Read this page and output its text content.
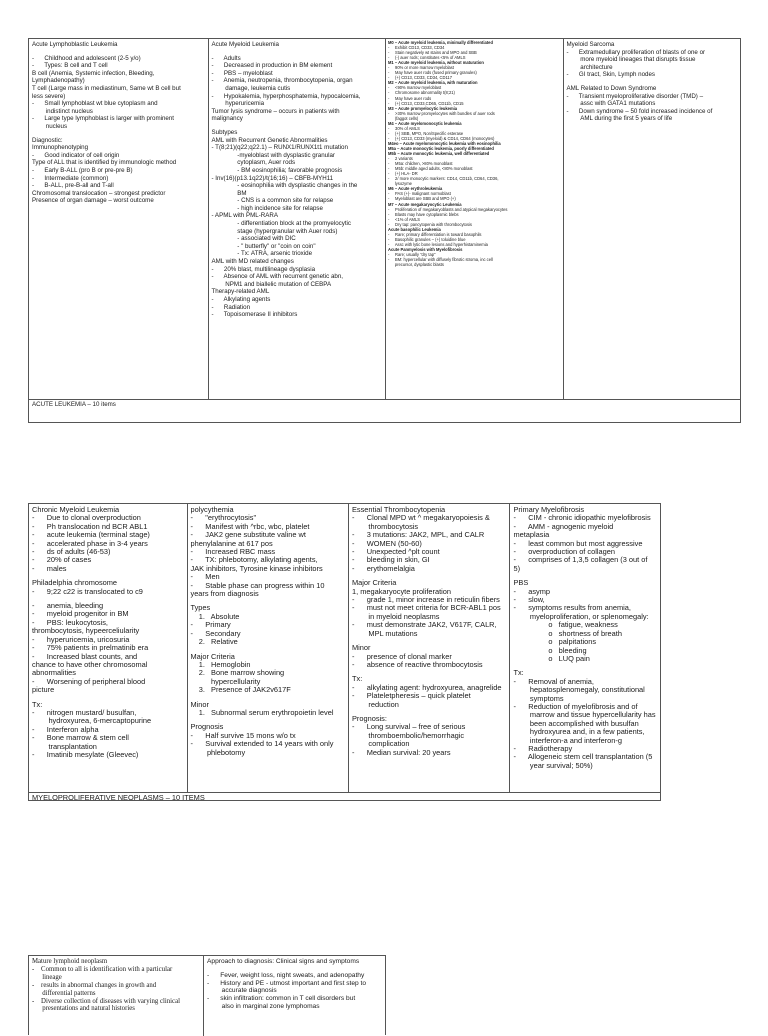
Acute Lymphoblastic Leukemia
-      Childhood and adolescent (2-5 y/o)
-      Types: B cell and T cell
B cell (Anemia, Systemic infection, Bleeding,
Lymphadenopathy)
T cell (Large mass in mediastinum, Same wt B cell but
less severe)
-      Small lymphoblast wt blue cytoplasm and
indistinct nucleus
-      Large type lymphoblast is larger with prominent
nucleus
Diagnostic:
Immunophenotyping
-      Good indicator of cell origin
Type of ALL that is identified by immunologic method
-      Early B-ALL (pro B or pre-pre B)
-      Intermediate (common)
-      B-ALL, pre-B-all and T-all
Chromosomal translocation – strongest predictor
Presence of organ damage – worst outcome
Acute Myeloid Leukemia
-      Adults
-      Decreased in production in BM element
-      PBS – myeloblast
-      Anemia, neutropenia, thrombocytopenia, organ
damage, leukemia cutis
-      Hypokalemia, hyperphosphatemia, hypocalcemia,
hyperuricemia
Tumor lysis syndrome – occurs in patients with
malignancy
Subtypes
AML with Recurrent Genetic Abnormalities
- T(8;21)(q22;q22.1) – RUNX1/RUNX1t1 mutation
-myeloblast with dysplastic granular
cytoplasm, Auer rods
- BM eosinophilia; favorable prognosis
- Inv(16)(p13.1q22)/t(16;16) – CBFB-MYH11
- eosinophilia with dysplastic changes in the
BM
- CNS is a common site for relapse
- high incidence site for relapse
- APML with PML-RARA
- differentiation block at the promyelocytic
stage (hypergranular with Auer rods)
- associated with DIC
- " butterfly" or "coin on coin"
- Tx: ATRA, arsenic trioxide
AML with MD related changes
-      20% blast, multilineage dysplasia
-      Absence of AML with recurrent genetic abn,
NPM1 and biallelic mutation of CEBPA
Therapy-related AML
-      Alkylating agents
-      Radiation
-      Topoisomerase II inhibitors
M0 – Acute myeloid leukemia, minimally differentiated
-     Exhibit CD13, CD33, CD34
-     Stain negatively wt stains and MPO and SBB
-     (-) auer rods; constitutes <5% of AMLS
M1 – Acute myeloid leukemia, without maturation
-     90% or more marrow myeloblast
-     May have auer rods (fused primary granules)
-     (+) CD13, CD33, CD34, CD117
M2 – Acute myeloid leukemia, with maturation
-     <90% marrow myeloblast
-     Chromosome abnormality t(8;21)
-     May have auer rods
-     (+) CD13, CD33,CD65, CD11b, CD15
M3 – Acute promyelocytic leukemia
-     >30% marrow promyelocytes with bundles of auer rods
(faggot cells)
M4 – Acute myelomonocytic leukemia
-     30% of AMLS
-     (+) SBB, MPO, Non/Specific esterase
-     (+) CD13, CD33 (myeloid) & CD14, CD64 (monocytes)
M4eo – Acute myelomonocytic leukemia with eosinophilia
M5a – Acute monocytic leukemia, poorly differentiated
M5b – Acute monocytic leukemia, well differentiated
-     2 variants
-     M5a: children, >80% monoblast
-     M5b: middle aged adults, <80% monoblast
-     (+) HLA- DR
-     2/ more monocytic markers: CD14, CD11b, CD64, CD36,
lysozyme
M6 – Acute erythroleukemia
-     PAS (+)- malignant normoblast
-     Myeloblast are SBB and MPO (+)
M7 – Acute megakaryocytic Leukemia
-     Proliferation of megakaryoblasts and atypical megakaryocytes
-     Blasts may have cytoplasmic blebs
-     <1% of AMLS
-     Dry tap: pancytopenia with thrombocytosis
Acute basophilic Leukemia
-     Rare; primary differentiation is toward basophils
-     Basophilic granules – (+) toluidine blue
-     Assc with lytic bone lesions and hyperhistaminemia
Acute Panmyelosis with Myelofibrosis
-     Rare; usually "dry tap"
-     BM: hypercellular with diffusely fibrotic stroma, inc cell
precursor, dysplastic blasts
Myeloid Sarcoma
-      Extramedullary proliferation of blasts of one or
more myeloid lineages that disrupts tissue
architecture
-      GI tract, Skin, Lymph nodes
AML Related to Down Syndrome
-      Transient myeloproliferative disorder (TMD) –
assc with GATA1 mutations
-      Down syndrome – 50 fold increased incidence of
AML during the first 5 years of life
ACUTE LEUKEMIA – 10 items
Chronic Myeloid Leukemia
-      Due to clonal overproduction
-      Ph translocation nd BCR ABL1
-      acute leukemia (terminal stage)
-      accelerated phase in 3-4 years
-      ds of adults (46-53)
-      20% of cases
-      males
Philadelphia chromosome
-      9;22 c22 is translocated to c9
-      anemia, bleeding
-      myeloid progenitor in BM
-      PBS: leukocytosis,
thrombocytosis, hypeerceliularity
-      hyperuricemia, uricosuria
-      75% patients in prelmatinib era
-      Increased blast counts, and
chance to have other chromosomal
abnormalities
-      Worsening of peripheral blood
picture
Tx:
-      nitrogen mustard/ busulfan,
hydroxyurea, 6-mercaptopurine
-      Interferon alpha
-      Bone marrow & stem cell
transplantation
-      Imatinib mesylate (Gleevec)
polycythemia
-      "erythrocytosis"
-      Manifest with ^rbc, wbc, platelet
-      JAK2 gene substitute valine wt
phenylalanine at 617 pos
-      Increased RBC mass
-      TX: phlebotomy, alkylating agents,
JAK inhibitors, Tyrosine kinase inhibitors
-      Men
-      Stable phase can progress within 10
years from diagnosis
Types
1.   Absolute
-      Primary
-      Secondary
2.   Relative
Major Criteria
1.   Hemoglobin
2.   Bone marrow showing
hypercellularity
3.   Presence of JAK2v617F
Minor
1.   Subnormal serum erythropoietin level
Prognosis
-      Half survive 15 mons w/o tx
-      Survival extended to 14 years with only
phlebotomy
Essential Thrombocytopenia
-      Clonal MPD wt ^ megakaryopoiesis &
thrombocytosis
-      3 mutations: JAK2, MPL, and CALR
-      WOMEN (50-60)
-      Unexpected ^plt count
-      bleeding in skin, GI
-      erythomelalgia
Major Criteria
1, megakaryocyte proliferation
-      grade 1, minor increase in reticulin fibers
-      must not meet criteria for BCR-ABL1 pos
in myeloid neoplasms
-      must demonstrate JAK2, V617F, CALR,
MPL mutations
Minor
-      presence of clonal marker
-      absence of reactive thrombocytosis
Tx:
-      alkylating agent: hydroxyurea, anagrelide
-      Plateletpheresis – quick platelet
reduction
Prognosis:
-      Long survival – free of serious
thromboembolic/hemorrhagic
complication
-      Median survival: 20 years
Primary Myelofibrosis
-      CIM - chronic idiopathic myelofibrosis
-      AMM - agnogenic myeloid
metaplasia
-      least common but most aggressive
-      overproduction of collagen
-      comprises of 1,3,5 collagen (3 out of
5)
PBS
-      asymp
-      slow,
-      symptoms results from anemia,
myeloproliferation, or splenomegaly:
o   fatigue, weakness
o   shortness of breath
o   palpitations
o   bleeding
o   LUQ pain
Tx:
-      Removal of anemia,
hepatosplenomegaly, constitutional
symptoms
-      Reduction of myelofibrosis and of
marrow and tissue hypercellularity has
been accomplished with busulfan
hydroxyurea and, in a few patients,
interferon-a and interferon-g
-      Radiotherapy
-      Allogeneic stem cell transplantation (5
year survival; 50%)
MYELOPROLIFERATIVE NEOPLASMS – 10 ITEMS
Mature lymphoid neoplasm
-    Common to all is identification with a particular
lineage
-    results in abnormal changes in growth and
differential patterns
-    Diverse collection of diseases with varying clinical
presentations and natural histories
Approach to diagnosis: Clinical signs and symptoms
-      Fever, weight loss, night sweats, and adenopathy
-      History and PE - utmost important and first step to
accurate diagnosis
-      skin infiltration: common in T cell disorders but
also in marginal zone lymphomas
